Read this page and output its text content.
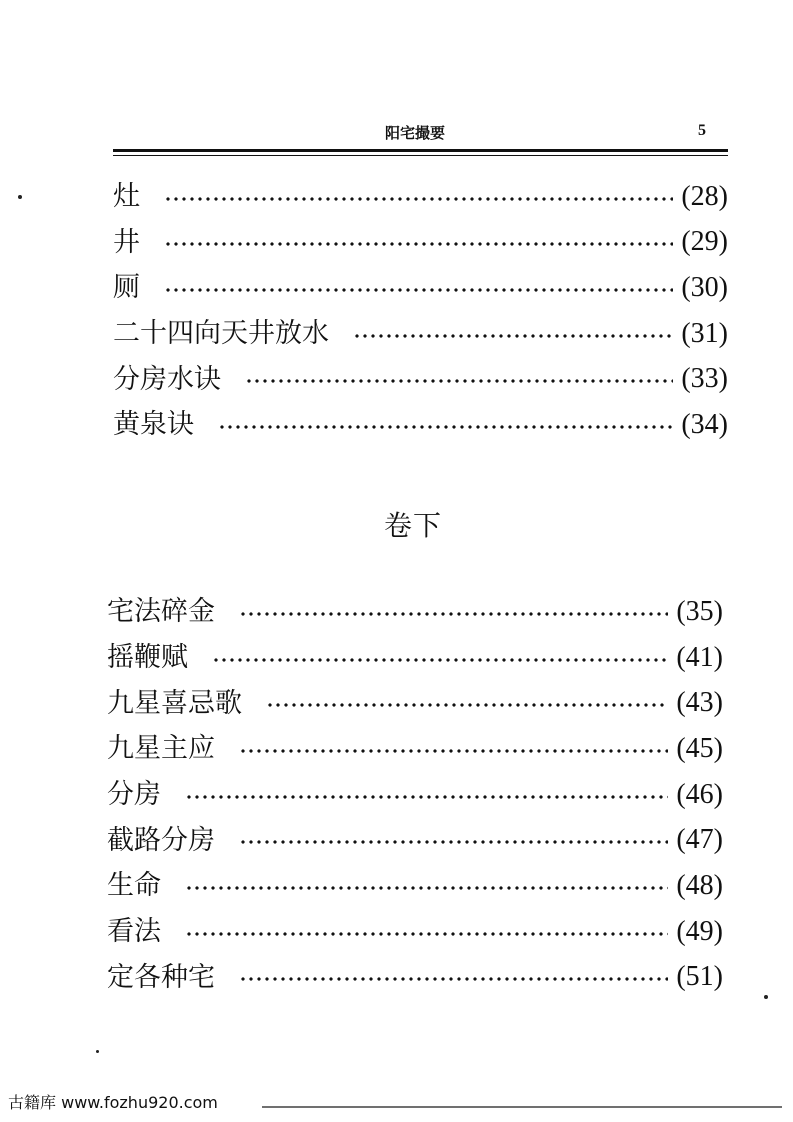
阳宅撮要	5
灶	(28)
井	(29)
厕	(30)
二十四向天井放水	(31)
分房水诀	(33)
黄泉诀	(34)
卷下
宅法碎金	(35)
摇鞭赋	(41)
九星喜忌歌	(43)
九星主应	(45)
分房	(46)
截路分房	(47)
生命	(48)
看法	(49)
定各种宅	(51)
古籍库 www.fozhu920.com
